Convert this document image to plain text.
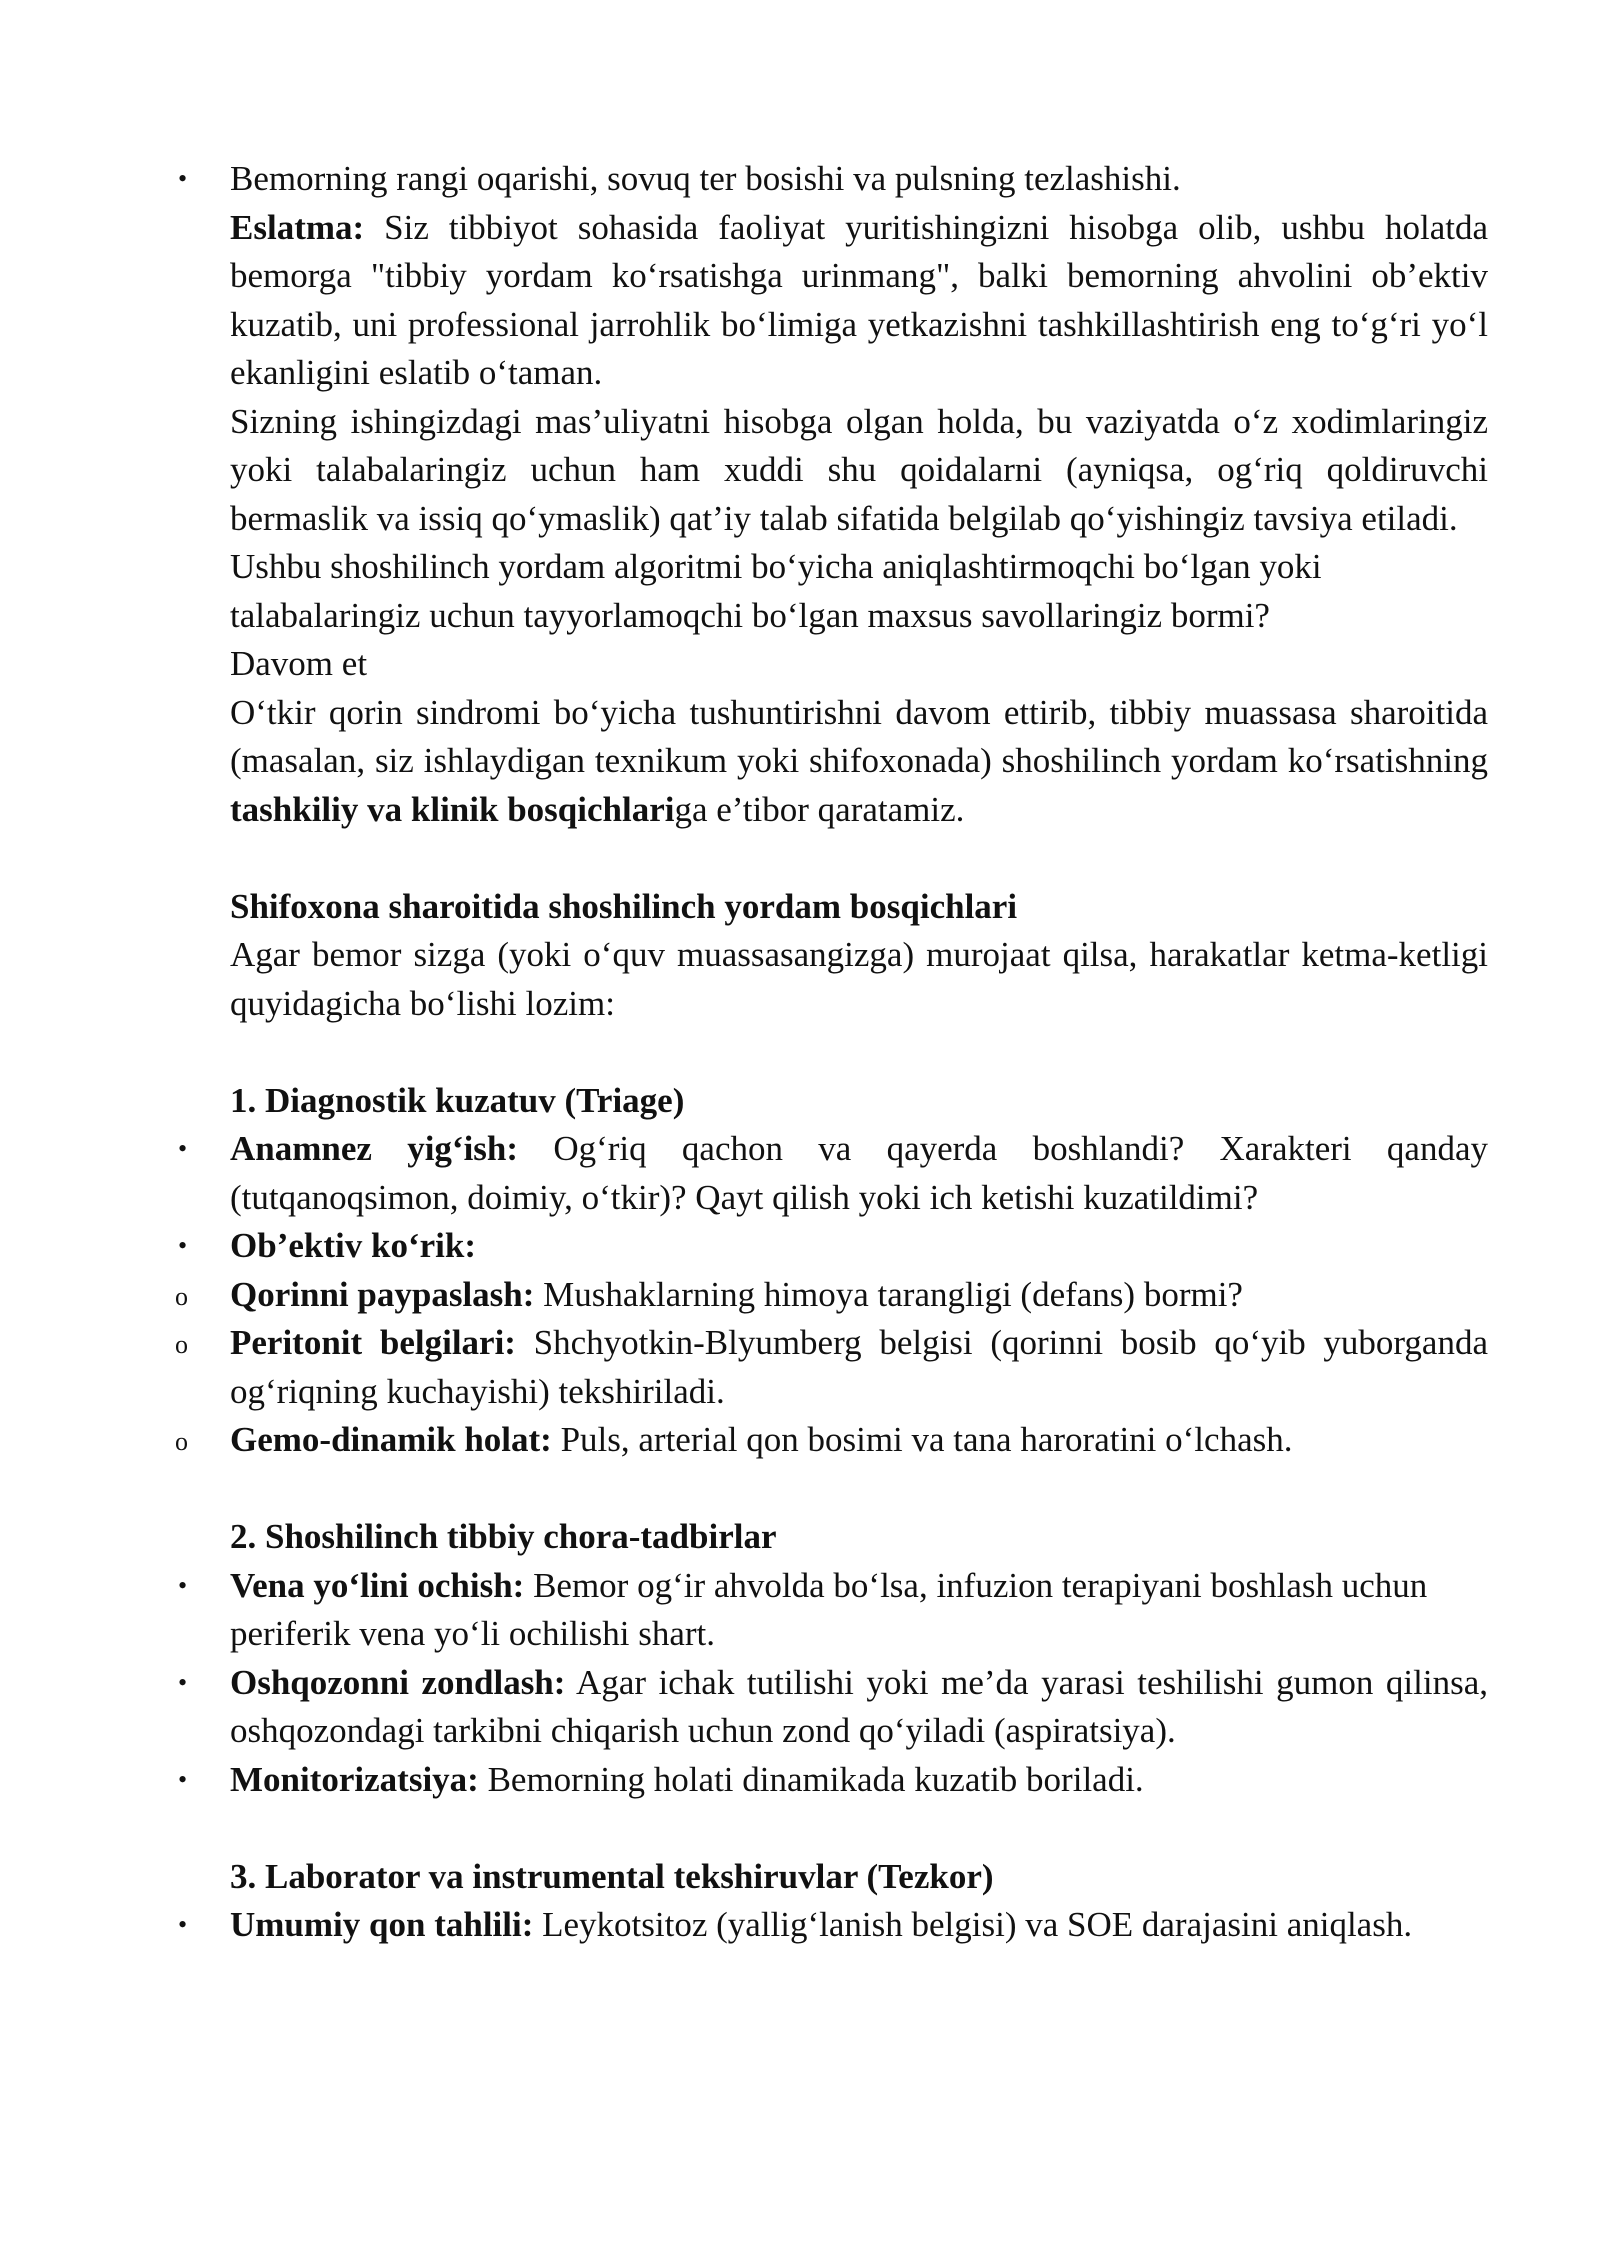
• Bemorning rangi oqarishi, sovuq ter bosishi va pulsning tezlashishi.

Eslatma: Siz tibbiyot sohasida faoliyat yuritishingizni hisobga olib, ushbu holatda bemorga "tibbiy yordam ko‘rsatishga urinmang", balki bemorning ahvolini ob’ektiv kuzatib, uni professional jarrohlik bo‘limiga yetkazishni tashkillashtirish eng to‘g‘ri yo‘l ekanligini eslatib o‘taman.

Sizning ishingizdagi mas’uliyatni hisobga olgan holda, bu vaziyatda o‘z xodimlaringiz yoki talabalaringiz uchun ham xuddi shu qoidalarni (ayniqsa, og‘riq qoldiruvchi bermaslik va issiq qo‘ymaslik) qat’iy talab sifatida belgilab qo‘yishingiz tavsiya etiladi.

Ushbu shoshilinch yordam algoritmi bo‘yicha aniqlashtirmoqchi bo‘lgan yoki talabalaringiz uchun tayyorlamoqchi bo‘lgan maxsus savollaringiz bormi?

Davom et

O‘tkir qorin sindromi bo‘yicha tushuntirishni davom ettirib, tibbiy muassasa sharoitida (masalan, siz ishlaydigan texnikum yoki shifoxonada) shoshilinch yordam ko‘rsatishning tashkiliy va klinik bosqichlariga e’tibor qaratamiz.

Shifoxona sharoitida shoshilinch yordam bosqichlari

Agar bemor sizga (yoki o‘quv muassasangizga) murojaat qilsa, harakatlar ketma-ketligi quyidagicha bo‘lishi lozim:

1. Diagnostik kuzatuv (Triage)

• Anamnez yig‘ish: Og‘riq qachon va qayerda boshlandi? Xarakteri qanday (tutqanoqsimon, doimiy, o‘tkir)? Qayt qilish yoki ich ketishi kuzatildimi?

• Ob’ektiv ko‘rik:

o Qorinni paypaslash: Mushaklarning himoya tarangligi (defans) bormi?

o Peritonit belgilari: Shchyotkin-Blyumberg belgisi (qorinni bosib qo‘yib yuborganda og‘riqning kuchayishi) tekshiriladi.

o Gemo-dinamik holat: Puls, arterial qon bosimi va tana haroratini o‘lchash.

2. Shoshilinch tibbiy chora-tadbirlar

• Vena yo‘lini ochish: Bemor og‘ir ahvolda bo‘lsa, infuzion terapiyani boshlash uchun periferik vena yo‘li ochilishi shart.

• Oshqozonni zondlash: Agar ichak tutilishi yoki me’da yarasi teshilishi gumon qilinsa, oshqozondagi tarkibni chiqarish uchun zond qo‘yiladi (aspiratsiya).

• Monitorizatsiya: Bemorning holati dinamikada kuzatib boriladi.

3. Laborator va instrumental tekshiruvlar (Tezkor)

• Umumiy qon tahlili: Leykotsitoz (yallig‘lanish belgisi) va SOE darajasini aniqlash.
